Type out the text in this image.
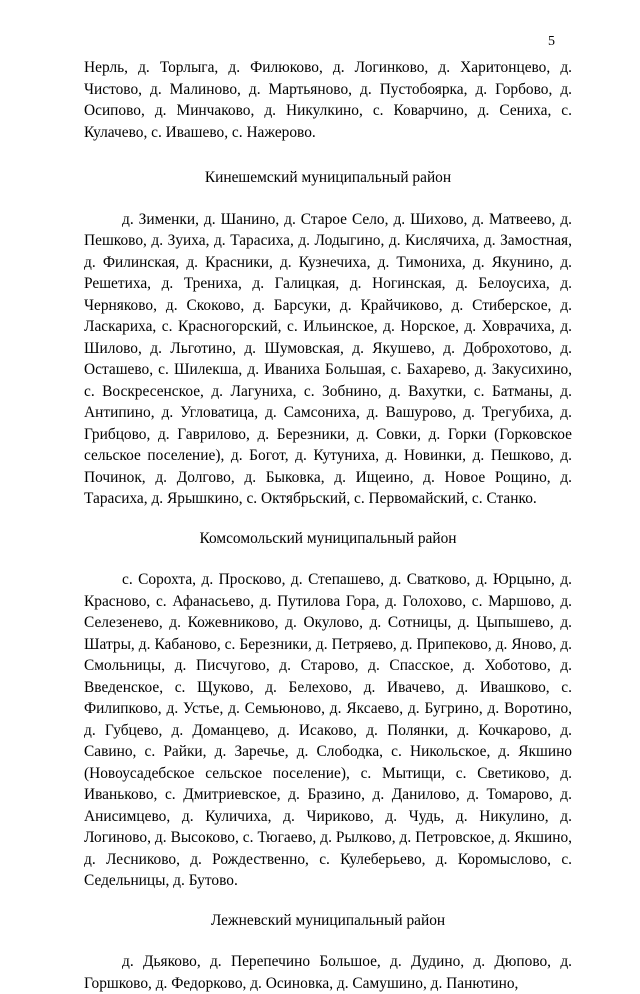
5

Нерль, д. Торлыга, д. Филюково, д. Логинково, д. Харитонцево, д. Чистово, д. Малиново, д. Мартьяново, д. Пустобоярка, д. Горбово, д. Осипово, д. Минчаково, д. Никулкино, с. Коварчино, д. Сениха, с. Кулачево, с. Ивашево, с. Нажерово.

Кинешемский муниципальный район

д. Зименки, д. Шанино, д. Старое Село, д. Шихово, д. Матвеево, д. Пешково, д. Зуиха, д. Тарасиха, д. Лодыгино, д. Кислячиха, д. Замостная, д. Филинская, д. Красники, д. Кузнечиха, д. Тимониха, д. Якунино, д. Решетиха, д. Трениха, д. Галицкая, д. Ногинская, д. Белоусиха, д. Черняково, д. Скоково, д. Барсуки, д. Крайчиково, д. Стиберское, д. Ласкариха, с. Красногорский, с. Ильинское, д. Норское, д. Ховрачиха, д. Шилово, д. Льготино, д. Шумовская, д. Якушево, д. Доброхотово, д. Осташево, с. Шилекша, д. Иваниха Большая, с. Бахарево, д. Закусихино, с. Воскресенское, д. Лагуниха, с. Зобнино, д. Вахутки, с. Батманы, д. Антипино, д. Угловатица, д. Самсониха, д. Вашурово, д. Трегубиха, д. Грибцово, д. Гаврилово, д. Березники, д. Совки, д. Горки (Горковское сельское поселение), д. Богот, д. Кутуниха, д. Новинки, д. Пешково, д. Починок, д. Долгово, д. Быковка, д. Ищеино, д. Новое Рощино, д. Тарасиха, д. Ярышкино, с. Октябрьский, с. Первомайский, с. Станко.

Комсомольский муниципальный район

с. Сорохта, д. Просково, д. Степашево, д. Сватково, д. Юрцыно, д. Красново, с. Афанасьево, д. Путилова Гора, д. Голохово, с. Маршово, д. Селезенево, д. Кожевниково, д. Окулово, д. Сотницы, д. Цыпышево, д. Шатры, д. Кабаново, с. Березники, д. Петряево, д. Припеково, д. Яново, д. Смольницы, д. Писчугово, д. Старово, д. Спасское, д. Хоботово, д. Введенское, с. Щуково, д. Белехово, д. Ивачево, д. Ивашково, с. Филипково, д. Устье, д. Семьюново, д. Яксаево, д. Бугрино, д. Воротино, д. Губцево, д. Доманцево, д. Исаково, д. Полянки, д. Кочкарово, д. Савино, с. Райки, д. Заречье, д. Слободка, с. Никольское, д. Якшино (Новоусадебское сельское поселение), с. Мытищи, с. Светиково, д. Иваньково, с. Дмитриевское, д. Бразино, д. Данилово, д. Томарово, д. Анисимцево, д. Куличиха, д. Чириково, д. Чудь, д. Никулино, д. Логиново, д. Высоково, с. Тюгаево, д. Рылково, д. Петровское, д. Якшино, д. Лесниково, д. Рождественно, с. Кулеберьево, д. Коромыслово, с. Седельницы, д. Бутово.

Лежневский муниципальный район

д. Дьяково, д. Перепечино Большое, д. Дудино, д. Дюпово, д. Горшково, д. Федорково, д. Осиновка, д. Самушино, д. Панютино,
